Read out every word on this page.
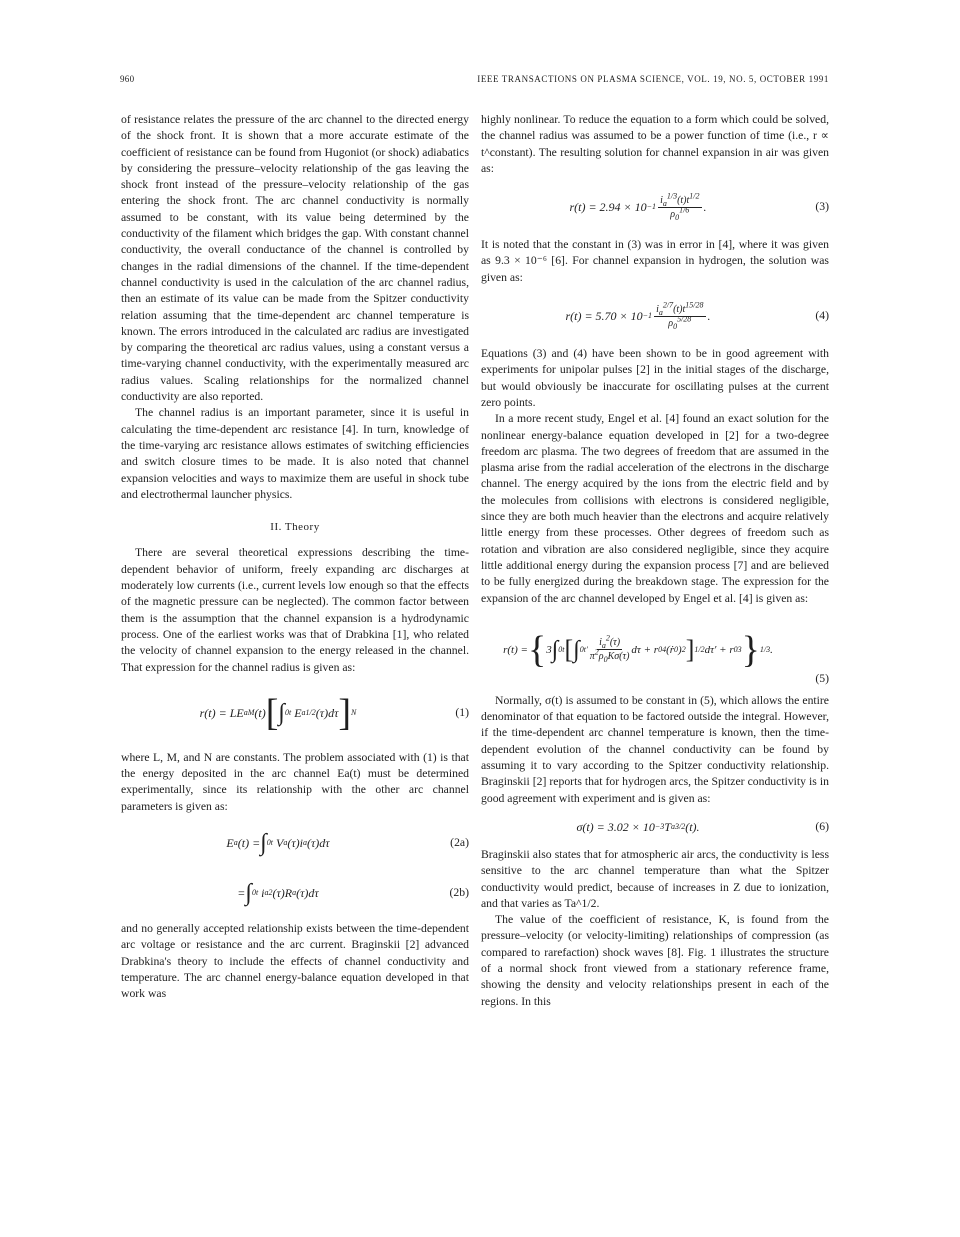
960	IEEE TRANSACTIONS ON PLASMA SCIENCE, VOL. 19, NO. 5, OCTOBER 1991

of resistance relates the pressure of the arc channel to the directed energy of the shock front. It is shown that a more accurate estimate of the coefficient of resistance can be found from Hugoniot (or shock) adiabatics by considering the pressure–velocity relationship of the gas leaving the shock front instead of the pressure–velocity relationship of the gas entering the shock front. The arc channel conductivity is normally assumed to be constant, with its value being determined by the conductivity of the filament which bridges the gap. With constant channel conductivity, the overall conductance of the channel is controlled by changes in the radial dimensions of the channel. If the time-dependent channel conductivity is used in the calculation of the arc channel radius, then an estimate of its value can be made from the Spitzer conductivity relation assuming that the time-dependent arc channel temperature is known. The errors introduced in the calculated arc radius are investigated by comparing the theoretical arc radius values, using a constant versus a time-varying channel conductivity, with the experimentally measured arc radius values. Scaling relationships for the normalized channel conductivity are also reported.

The channel radius is an important parameter, since it is useful in calculating the time-dependent arc resistance [4]. In turn, knowledge of the time-varying arc resistance allows estimates of switching efficiencies and switch closure times to be made. It is also noted that channel expansion velocities and ways to maximize them are useful in shock tube and electrothermal launcher physics.

II. Theory

There are several theoretical expressions describing the time-dependent behavior of uniform, freely expanding arc discharges at moderately low currents (i.e., current levels low enough so that the effects of the magnetic pressure can be neglected). The common factor between them is the assumption that the channel expansion is a hydrodynamic process. One of the earliest works was that of Drabkina [1], who related the velocity of channel expansion to the energy released in the channel. That expression for the channel radius is given as:

r(t) = LE a M (t) [ ∫ 0 t E a 1/2 (τ)dτ ] N	(1)

where L, M, and N are constants. The problem associated with (1) is that the energy deposited in the arc channel Ea(t) must be determined experimentally, since its relationship with the other arc channel parameters is given as:

E a (t) = ∫ 0 t V a (τ)i a (τ)dτ	(2a)
= ∫ 0 t i a 2 (τ)R a (τ)dτ	(2b)

and no generally accepted relationship exists between the time-dependent arc voltage or resistance and the arc current. Braginskii [2] advanced Drabkina's theory to include the effects of channel conductivity and temperature. The arc channel energy-balance equation developed in that work was

highly nonlinear. To reduce the equation to a form which could be solved, the channel radius was assumed to be a power function of time (i.e., r ∝ t^constant). The resulting solution for channel expansion in air was given as:

$r(t) = 2.94 \times 10 -1 \frac{i_a^{1/3}(t)t^{1/2}}{\rho_0^{1/6}}$ .	(3)

It is noted that the constant in (3) was in error in [4], where it was given as 9.3 × 10⁻⁶ [6]. For channel expansion in hydrogen, the solution was given as:

$r(t) = 5.70 \times 10 -1 \frac{i_a^{2/7}(t)t^{15/28}}{\rho_0^{5/28}}$ .	(4)

Equations (3) and (4) have been shown to be in good agreement with experiments for unipolar pulses [2] in the initial stages of the discharge, but would obviously be inaccurate for oscillating pulses at the current zero points.

In a more recent study, Engel et al. [4] found an exact solution for the nonlinear energy-balance equation developed in [2] for a two-degree freedom arc plasma. The two degrees of freedom that are assumed in the plasma arise from the radial acceleration of the electrons in the discharge channel. The energy acquired by the ions from the electric field and by the molecules from collisions with electrons is considered negligible, since they are both much heavier than the electrons and acquire relatively little energy from these processes. Other degrees of freedom such as rotation and vibration are also considered negligible, since they acquire little additional energy during the expansion process [7] and are believed to be fully energized during the breakdown stage. The expression for the expansion of the arc channel developed by Engel et al. [4] is given as:

r(t) = { 3 ∫ 0 t [ ∫ 0 $t' \frac{i_a^2(\tau)}{\pi^2\rho_0K\sigma(\tau)}$ dτ + r 0 4 (ṙ 0 ) 2 ] 1/2 dτ′ + r 0 3 } 1/3 .
(5)

Normally, σ(t) is assumed to be constant in (5), which allows the entire denominator of that equation to be factored outside the integral. However, if the time-dependent arc channel temperature is known, then the time-dependent evolution of the channel conductivity can be found by assuming it to vary according to the Spitzer conductivity relationship. Braginskii [2] reports that for hydrogen arcs, the Spitzer conductivity is in good agreement with experiment and is given as:

σ(t) = 3.02 × 10 −3 T a 3/2 (t).	(6)

Braginskii also states that for atmospheric air arcs, the conductivity is less sensitive to the arc channel temperature than what the Spitzer conductivity would predict, because of increases in Z due to ionization, and that varies as Ta^1/2.

The value of the coefficient of resistance, K, is found from the pressure–velocity (or velocity-limiting) relationships of compression (as compared to rarefaction) shock waves [8]. Fig. 1 illustrates the structure of a normal shock front viewed from a stationary reference frame, showing the density and velocity relationships present in each of the regions. In this
